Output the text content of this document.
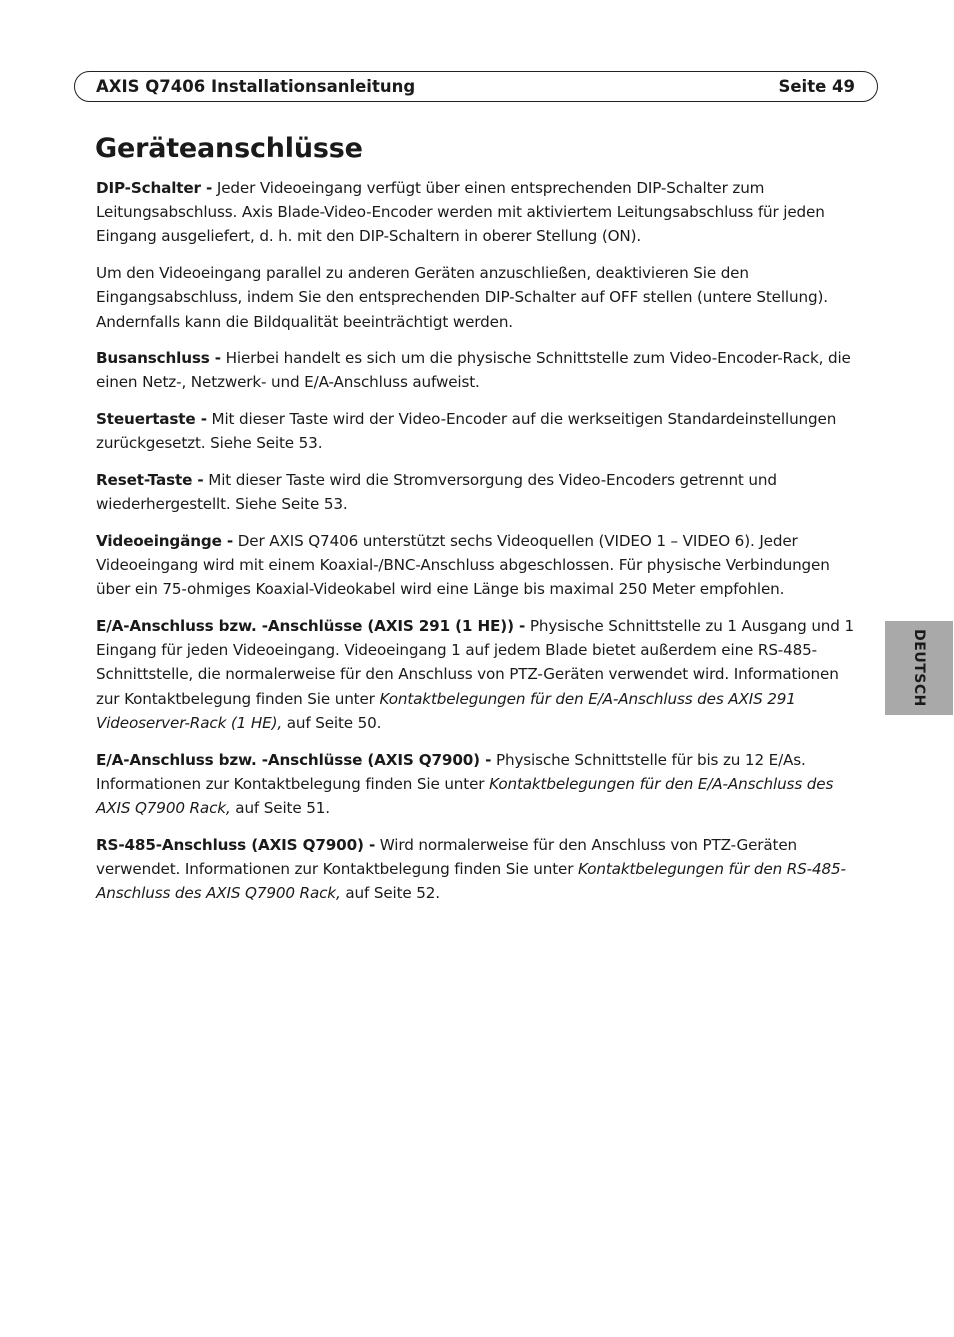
AXIS Q7406 Installationsanleitung	Seite 49
Geräteanschlüsse

DIP-Schalter - Jeder Videoeingang verfügt über einen entsprechenden DIP-Schalter zum Leitungsabschluss. Axis Blade-Video-Encoder werden mit aktiviertem Leitungsabschluss für jeden Eingang ausgeliefert, d. h. mit den DIP-Schaltern in oberer Stellung (ON).

Um den Videoeingang parallel zu anderen Geräten anzuschließen, deaktivieren Sie den Eingangsabschluss, indem Sie den entsprechenden DIP-Schalter auf OFF stellen (untere Stellung). Andernfalls kann die Bildqualität beeinträchtigt werden.

Busanschluss - Hierbei handelt es sich um die physische Schnittstelle zum Video-Encoder-Rack, die einen Netz-, Netzwerk- und E/A-Anschluss aufweist.

Steuertaste - Mit dieser Taste wird der Video-Encoder auf die werkseitigen Standardeinstellungen zurückgesetzt. Siehe Seite 53.

Reset-Taste - Mit dieser Taste wird die Stromversorgung des Video-Encoders getrennt und wiederhergestellt. Siehe Seite 53.

Videoeingänge - Der AXIS Q7406 unterstützt sechs Videoquellen (VIDEO 1 – VIDEO 6). Jeder Videoeingang wird mit einem Koaxial-/BNC-Anschluss abgeschlossen. Für physische Verbindungen über ein 75-ohmiges Koaxial-Videokabel wird eine Länge bis maximal 250 Meter empfohlen.

E/A-Anschluss bzw. -Anschlüsse (AXIS 291 (1 HE)) - Physische Schnittstelle zu 1 Ausgang und 1 Eingang für jeden Videoeingang. Videoeingang 1 auf jedem Blade bietet außerdem eine RS-485-Schnittstelle, die normalerweise für den Anschluss von PTZ-Geräten verwendet wird. Informationen zur Kontaktbelegung finden Sie unter Kontaktbelegungen für den E/A-Anschluss des AXIS 291 Videoserver-Rack (1 HE), auf Seite 50.

E/A-Anschluss bzw. -Anschlüsse (AXIS Q7900) - Physische Schnittstelle für bis zu 12 E/As. Informationen zur Kontaktbelegung finden Sie unter Kontaktbelegungen für den E/A-Anschluss des AXIS Q7900 Rack, auf Seite 51.

RS-485-Anschluss (AXIS Q7900) - Wird normalerweise für den Anschluss von PTZ-Geräten verwendet. Informationen zur Kontaktbelegung finden Sie unter Kontaktbelegungen für den RS-485-Anschluss des AXIS Q7900 Rack, auf Seite 52.

DEUTSCH
